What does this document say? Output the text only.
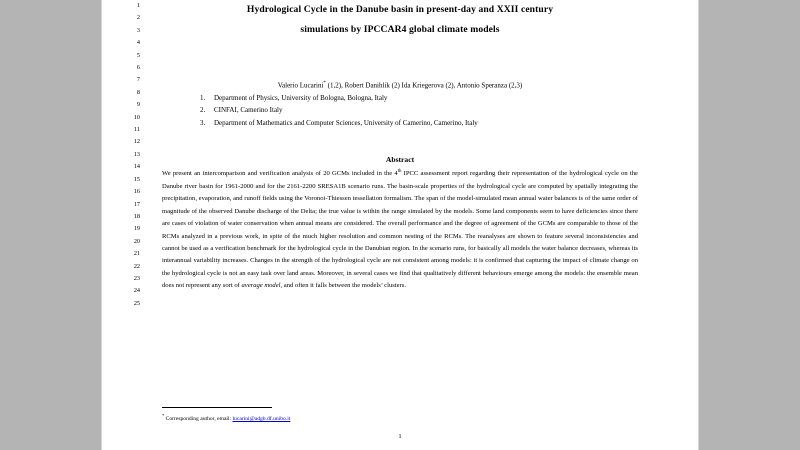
1
2
3
4
5
6
7
8
9
10
11
12
13
14
15
16
17
18
19
20
21
22
23
24
25
Hydrological Cycle in the Danube basin in present-day and XXII century
simulations by IPCCAR4 global climate models
Valerio Lucarini* (1,2), Robert Danihlik (2) Ida Kriegerova (2), Antonio Speranza (2,3)
1. Department of Physics, University of Bologna, Bologna, Italy
2. CINFAI, Camerino Italy
3. Department of Mathematics and Computer Sciences, University of Camerino, Camerino, Italy
Abstract
We present an intercomparison and verification analysis of 20 GCMs included in the 4th IPCC assessment report regarding their representation of the hydrological cycle on the Danube river basin for 1961-2000 and for the 2161-2200 SRESA1B scenario runs. The basin-scale properties of the hydrological cycle are computed by spatially integrating the precipitation, evaporation, and runoff fields using the Voronoi-Thiessen tessellation formalism. The span of the model-simulated mean annual water balances is of the same order of magnitude of the observed Danube discharge of the Delta; the true value is within the range simulated by the models. Some land components seem to have deficiencies since there are cases of violation of water conservation when annual means are considered. The overall performance and the degree of agreement of the GCMs are comparable to those of the RCMs analyzed in a previous work, in spite of the much higher resolution and common nesting of the RCMs. The reanalyses are shown to feature several inconsistencies and cannot be used as a verification benchmark for the hydrological cycle in the Danubian region. In the scenario runs, for basically all models the water balance decreases, whereas its interannual variability increases. Changes in the strength of the hydrological cycle are not consistent among models: it is confirmed that capturing the impact of climate change on the hydrological cycle is not an easy task over land areas. Moreover, in several cases we find that qualitatively different behaviours emerge among the models: the ensemble mean does not represent any sort of average model, and often it falls between the models’ clusters.
* Corresponding author, email: lucarini@adgb.df.unibo.it
1
